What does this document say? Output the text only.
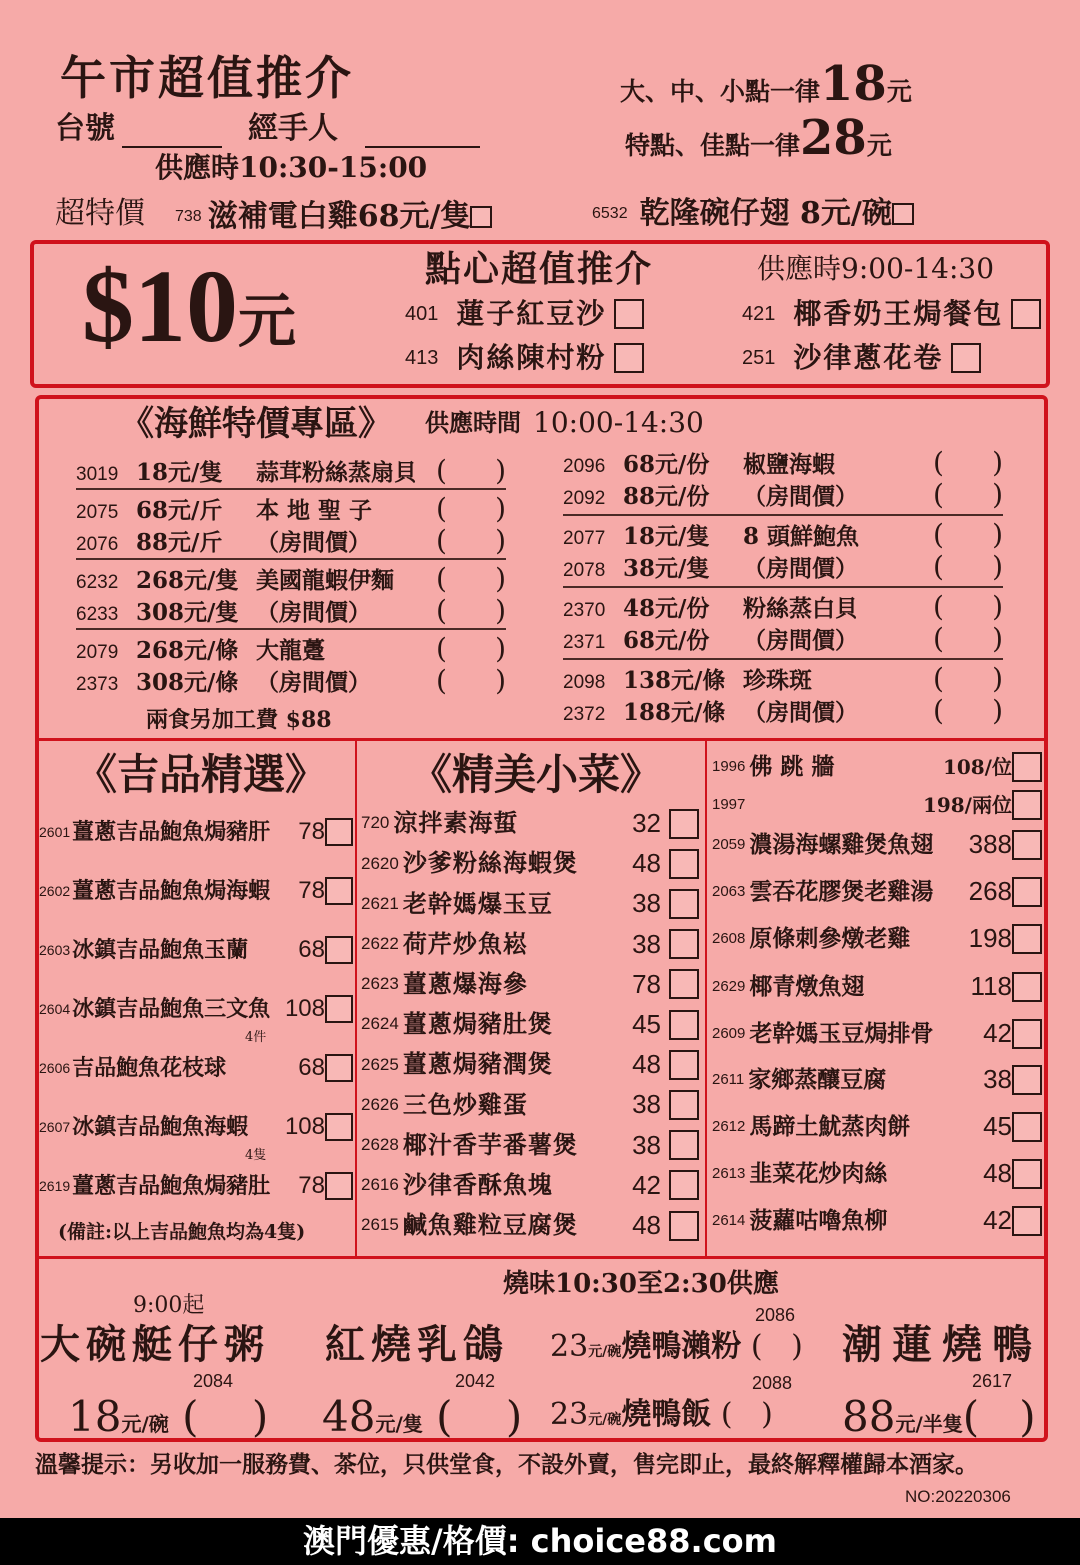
午市超值推介
台號	經手人
供應時10:30-15:00
大、中、小點一律18元
特點、佳點一律28元
超特價 738 滋補電白雞68元/隻	6532 乾隆碗仔翅 8元/碗
$10元
點心超值推介	供應時9:00-14:30
401 蓮子紅豆沙	421 椰香奶王焗餐包
413 肉絲陳村粉	251 沙律蔥花卷
《海鮮特價專區》 供應時間 10:00-14:30
3019 18元/隻	蒜茸粉絲蒸扇貝 ( )
2075 68元/斤	本 地 聖 子	( )
2076 88元/斤	（房間價）	( )
6232 268元/隻 美國龍蝦伊麵	( )
6233 308元/隻 （房間價）	( )
2079 268元/條 大龍躉	( )
2373 308元/條 （房間價）	( )
兩食另加工費 $88
2096 68元/份	椒鹽海蝦	( )
2092 88元/份	（房間價）	( )
2077 18元/隻	8 頭鮮鮑魚	( )
2078 38元/隻	（房間價）	( )
2370 48元/份	粉絲蒸白貝	( )
2371 68元/份	（房間價）	( )
2098 138元/條 珍珠斑	( )
2372 188元/條 （房間價）	( )
《吉品精選》
2601 薑蔥吉品鮑魚焗豬肝	78
2602 薑蔥吉品鮑魚焗海蝦	78
2603 冰鎮吉品鮑魚玉蘭	68
2604 冰鎮吉品鮑魚三文魚 108
4件
2606 吉品鮑魚花枝球	68
2607 冰鎮吉品鮑魚海蝦	108
4隻
2619 薑蔥吉品鮑魚焗豬肚	78
(備註:以上吉品鮑魚均為4隻)
《精美小菜》
720 涼拌素海蜇	32
2620 沙爹粉絲海蝦煲	48
2621 老幹媽爆玉豆	38
2622 荷芹炒魚崧	38
2623 薑蔥爆海參	78
2624 薑蔥焗豬肚煲	45
2625 薑蔥焗豬潤煲	48
2626 三色炒雞蛋	38
2628 椰汁香芋番薯煲	38
2616 沙律香酥魚塊	42
2615 鹹魚雞粒豆腐煲	48
1996 佛 跳 牆	108/位
1997	198/兩位
2059 濃湯海螺雞煲魚翅	388
2063 雲吞花膠煲老雞湯	268
2608 原條刺參燉老雞	198
2629 椰青燉魚翅	118
2609 老幹媽玉豆焗排骨	42
2611 家鄉蒸釀豆腐	38
2612 馬蹄土魷蒸肉餅	45
2613 韭菜花炒肉絲	48
2614 菠蘿咕嚕魚柳	42
燒味10:30至2:30供應
9:00起
大碗艇仔粥
2084
18元/碗 (    )
紅燒乳鴿
2042
48元/隻 (    )
2086
23元/碗燒鴨瀨粉 (   )
2088
23元/碗燒鴨飯 (   )
潮蓮燒鴨
2617
88元/半隻(   )
溫馨提示：另收加一服務費、茶位，只供堂食，不設外賣，售完即止，最終解釋權歸本酒家。
NO:20220306
澳門優惠/格價: choice88.com
